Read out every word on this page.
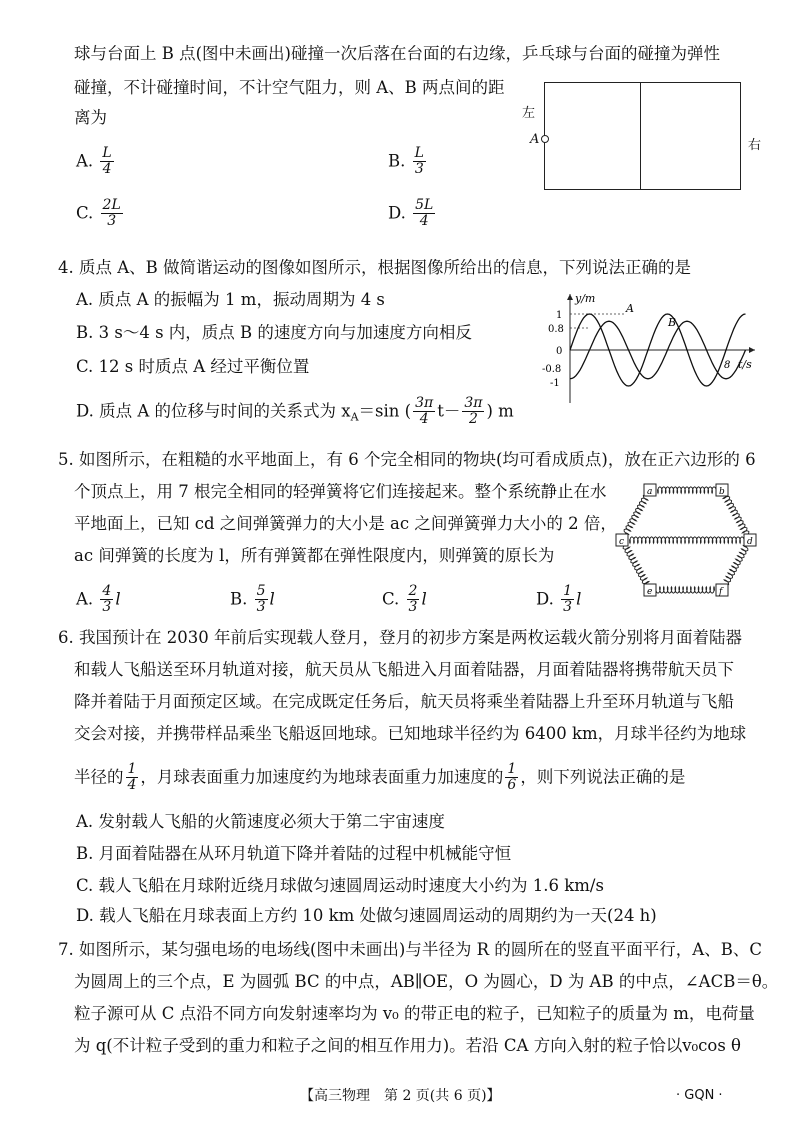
球与台面上 B 点(图中未画出)碰撞一次后落在台面的右边缘，乒乓球与台面的碰撞为弹性
碰撞，不计碰撞时间，不计空气阻力，则 A、B 两点间的距
离为
A. $\frac{L}{4}$	B. $\frac{L}{3}$
C. $\frac{2L}{3}$	D. $\frac{5L}{4}$
左
A	右
4. 质点 A、B 做简谐运动的图像如图所示，根据图像所给出的信息，下列说法正确的是
A. 质点 A 的振幅为 1 m，振动周期为 4 s
B. 3 s～4 s 内，质点 B 的速度方向与加速度方向相反
C. 12 s 时质点 A 经过平衡位置
D. 质点 A 的位移与时间的关系式为 $x_A=\sin$ ( $\frac{3\pi}{4} t- \frac{3\pi}{2}$ ) m
y/m
t/s
1
0.8
0
-0.8
-1
8
A
B
5. 如图所示，在粗糙的水平地面上，有 6 个完全相同的物块(均可看成质点)，放在正六边形的 6
个顶点上，用 7 根完全相同的轻弹簧将它们连接起来。整个系统静止在水
平地面上，已知 cd 之间弹簧弹力的大小是 ac 之间弹簧弹力大小的 2 倍，
ac 间弹簧的长度为 l，所有弹簧都在弹性限度内，则弹簧的原长为
A. $\frac{4}{3}$ l	B. $\frac{5}{3}$ l	C. $\frac{2}{3}$ l	D. $\frac{1}{3}$ l
a	b
c	d
e	f
6. 我国预计在 2030 年前后实现载人登月，登月的初步方案是两枚运载火箭分别将月面着陆器
和载人飞船送至环月轨道对接，航天员从飞船进入月面着陆器，月面着陆器将携带航天员下
降并着陆于月面预定区域。在完成既定任务后，航天员将乘坐着陆器上升至环月轨道与飞船
交会对接，并携带样品乘坐飞船返回地球。已知地球半径约为 6400 km，月球半径约为地球
半径的 $\frac{1}{4}$ ，月球表面重力加速度约为地球表面重力加速度的 $\frac{1}{6}$ ，则下列说法正确的是
A. 发射载人飞船的火箭速度必须大于第二宇宙速度
B. 月面着陆器在从环月轨道下降并着陆的过程中机械能守恒
C. 载人飞船在月球附近绕月球做匀速圆周运动时速度大小约为 1.6 km/s
D. 载人飞船在月球表面上方约 10 km 处做匀速圆周运动的周期约为一天(24 h)
7. 如图所示，某匀强电场的电场线(图中未画出)与半径为 R 的圆所在的竖直平面平行，A、B、C
为圆周上的三个点，E 为圆弧 BC 的中点，AB∥OE，O 为圆心，D 为 AB 的中点，∠ACB＝θ。
粒子源可从 C 点沿不同方向发射速率均为 v₀ 的带正电的粒子，已知粒子的质量为 m，电荷量
为 q(不计粒子受到的重力和粒子之间的相互作用力)。若沿 CA 方向入射的粒子恰以v₀cos θ
【高三物理　第 2 页(共 6 页)】	· GQN ·
